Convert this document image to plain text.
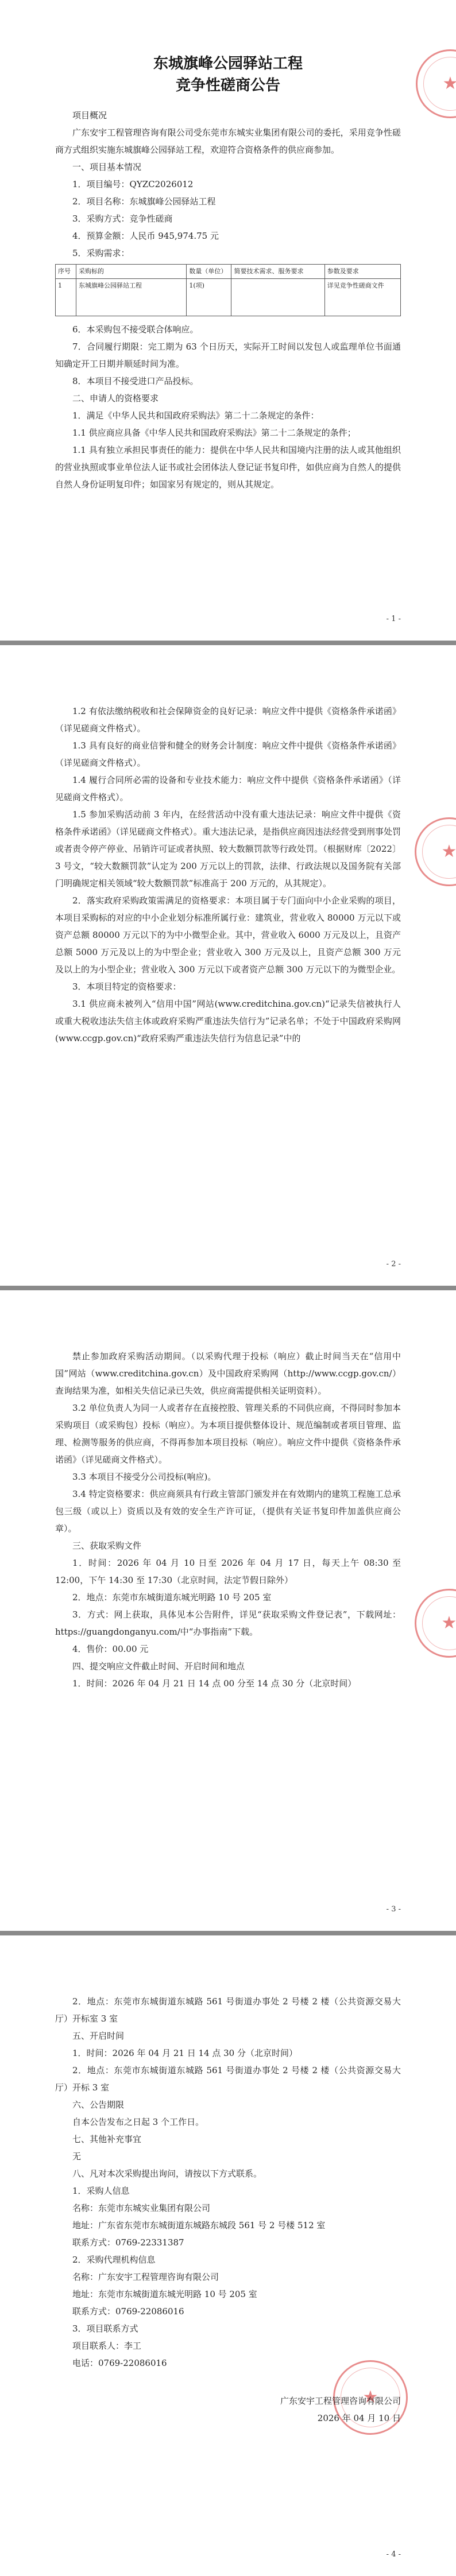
★
东城旗峰公园驿站工程
竞争性磋商公告

项目概况

广东安宇工程管理咨询有限公司受东莞市东城实业集团有限公司的委托，采用竞争性磋商方式组织实施东城旗峰公园驿站工程，欢迎符合资格条件的供应商参加。

一、项目基本情况

1．项目编号：QYZC2026012

2．项目名称：东城旗峰公园驿站工程

3．采购方式：竞争性磋商

4．预算金额：人民币 945,974.75 元

5．采购需求：

序号	采购标的	数量（单位）	简要技术需求、服务要求	参数及要求
1	东城旗峰公园驿站工程	1(项)		详见竞争性磋商文件

6．本采购包不接受联合体响应。

7．合同履行期限：完工期为 63 个日历天，实际开工时间以发包人或监理单位书面通知确定开工日期并顺延时间为准。

8．本项目不接受进口产品投标。

二、申请人的资格要求

1．满足《中华人民共和国政府采购法》第二十二条规定的条件：

1.1 供应商应具备《中华人民共和国政府采购法》第二十二条规定的条件；

1.1 具有独立承担民事责任的能力：提供在中华人民共和国境内注册的法人或其他组织的营业执照或事业单位法人证书或社会团体法人登记证书复印件，如供应商为自然人的提供自然人身份证明复印件；如国家另有规定的，则从其规定。

- 1 -
★

1.2 有依法缴纳税收和社会保障资金的良好记录：响应文件中提供《资格条件承诺函》（详见磋商文件格式）。

1.3 具有良好的商业信誉和健全的财务会计制度：响应文件中提供《资格条件承诺函》（详见磋商文件格式）。

1.4 履行合同所必需的设备和专业技术能力：响应文件中提供《资格条件承诺函》（详见磋商文件格式）。

1.5 参加采购活动前 3 年内，在经营活动中没有重大违法记录：响应文件中提供《资格条件承诺函》（详见磋商文件格式）。重大违法记录，是指供应商因违法经营受到刑事处罚或者责令停产停业、吊销许可证或者执照、较大数额罚款等行政处罚。（根据财库〔2022〕3 号文，“较大数额罚款”认定为 200 万元以上的罚款，法律、行政法规以及国务院有关部门明确规定相关领域“较大数额罚款”标准高于 200 万元的，从其规定）。

2．落实政府采购政策需满足的资格要求：本项目属于专门面向中小企业采购的项目，本项目采购标的对应的中小企业划分标准所属行业：建筑业，营业收入 80000 万元以下或资产总额 80000 万元以下的为中小微型企业。其中，营业收入 6000 万元及以上，且资产总额 5000 万元及以上的为中型企业；营业收入 300 万元及以上，且资产总额 300 万元及以上的为小型企业；营业收入 300 万元以下或者资产总额 300 万元以下的为微型企业。

3．本项目特定的资格要求：

3.1 供应商未被列入“信用中国”网站(www.creditchina.gov.cn)“记录失信被执行人或重大税收违法失信主体或政府采购严重违法失信行为”记录名单；不处于中国政府采购网(www.ccgp.gov.cn)“政府采购严重违法失信行为信息记录”中的

- 2 -
★

禁止参加政府采购活动期间。（以采购代理于投标（响应）截止时间当天在“信用中国”网站（www.creditchina.gov.cn）及中国政府采购网（http://www.ccgp.gov.cn/）查询结果为准，如相关失信记录已失效，供应商需提供相关证明资料）。

3.2 单位负责人为同一人或者存在直接控股、管理关系的不同供应商，不得同时参加本采购项目（或采购包）投标（响应）。为本项目提供整体设计、规范编制或者项目管理、监理、检测等服务的供应商，不得再参加本项目投标（响应）。响应文件中提供《资格条件承诺函》（详见磋商文件格式）。

3.3 本项目不接受分公司投标(响应)。

3.4 特定资格要求：供应商须具有行政主管部门颁发并在有效期内的建筑工程施工总承包三级（或以上）资质以及有效的安全生产许可证，（提供有关证书复印件加盖供应商公章）。

三、获取采购文件

1．时间：2026 年 04 月 10 日至 2026 年 04 月 17 日，每天上午 08:30 至 12:00，下午 14:30 至 17:30（北京时间，法定节假日除外）

2．地点：东莞市东城街道东城光明路 10 号 205 室

3．方式：网上获取，具体见本公告附件，详见“获取采购文件登记表”，下载网址：https://guangdonganyu.com/中“办事指南”下载。

4．售价：00.00 元

四、提交响应文件截止时间、开启时间和地点

1．时间：2026 年 04 月 21 日 14 点 00 分至 14 点 30 分（北京时间）

- 3 -
★

2．地点：东莞市东城街道东城路 561 号街道办事处 2 号楼 2 楼（公共资源交易大厅）开标室 3 室

五、开启时间

1．时间：2026 年 04 月 21 日 14 点 30 分（北京时间）

2．地点：东莞市东城街道东城路 561 号街道办事处 2 号楼 2 楼（公共资源交易大厅）开标 3 室

六、公告期限

自本公告发布之日起 3 个工作日。

七、其他补充事宜

无

八、凡对本次采购提出询问，请按以下方式联系。

1．采购人信息

名称：东莞市东城实业集团有限公司

地址：广东省东莞市东城街道东城路东城段 561 号 2 号楼 512 室

联系方式：0769-22331387

2．采购代理机构信息

名称：广东安宇工程管理咨询有限公司

地址：东莞市东城街道东城光明路 10 号 205 室

联系方式：0769-22086016

3．项目联系方式

项目联系人：李工

电话：0769-22086016

广东安宇工程管理咨询有限公司

2026 年 04 月 10 日

- 4 -
